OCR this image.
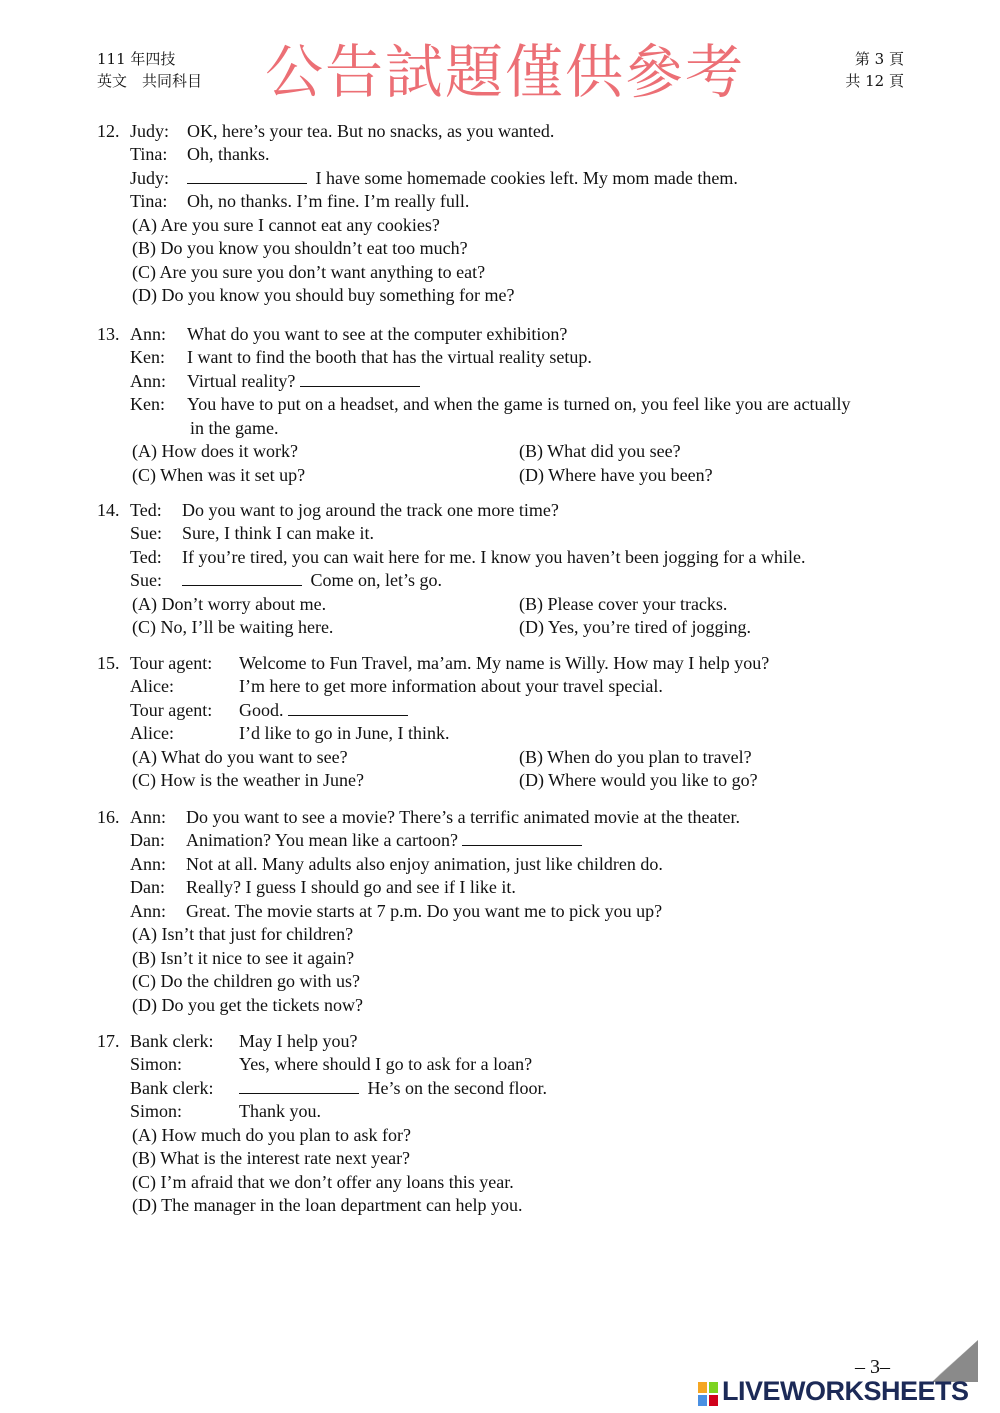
111 年四技
英文　共同科目 公告試題僅供參考	第 3 頁
共 12 頁
12. Judy: OK, here’s your tea. But no snacks, as you wanted.
Tina: Oh, thanks.
Judy:	I have some homemade cookies left. My mom made them.
Tina: Oh, no thanks. I’m fine. I’m really full.
(A) Are you sure I cannot eat any cookies?
(B) Do you know you shouldn’t eat too much?
(C) Are you sure you don’t want anything to eat?
(D) Do you know you should buy something for me?
13. Ann: What do you want to see at the computer exhibition?
Ken: I want to find the booth that has the virtual reality setup.
Ann: Virtual reality?
Ken: You have to put on a headset, and when the game is turned on, you feel like you are actually
in the game.
(A) How does it work?	(B) What did you see?
(C) When was it set up?	(D) Where have you been?
14. Ted: Do you want to jog around the track one more time?
Sue: Sure, I think I can make it.
Ted: If you’re tired, you can wait here for me. I know you haven’t been jogging for a while.
Sue:	Come on, let’s go.
(A) Don’t worry about me.	(B) Please cover your tracks.
(C) No, I’ll be waiting here.	(D) Yes, you’re tired of jogging.
15. Tour agent: Welcome to Fun Travel, ma’am. My name is Willy. How may I help you?
Alice:	I’m here to get more information about your travel special.
Tour agent: Good.
Alice:	I’d like to go in June, I think.
(A) What do you want to see?	(B) When do you plan to travel?
(C) How is the weather in June?	(D) Where would you like to go?
16. Ann: Do you want to see a movie? There’s a terrific animated movie at the theater.
Dan: Animation? You mean like a cartoon?
Ann: Not at all. Many adults also enjoy animation, just like children do.
Dan: Really? I guess I should go and see if I like it.
Ann: Great. The movie starts at 7 p.m. Do you want me to pick you up?
(A) Isn’t that just for children?
(B) Isn’t it nice to see it again?
(C) Do the children go with us?
(D) Do you get the tickets now?
17. Bank clerk: May I help you?
Simon:	Yes, where should I go to ask for a loan?
Bank clerk:	He’s on the second floor.
Simon:	Thank you.
(A) How much do you plan to ask for?
(B) What is the interest rate next year?
(C) I’m afraid that we don’t offer any loans this year.
(D) The manager in the loan department can help you.
– 3–
LIVEWORKSHEETS
